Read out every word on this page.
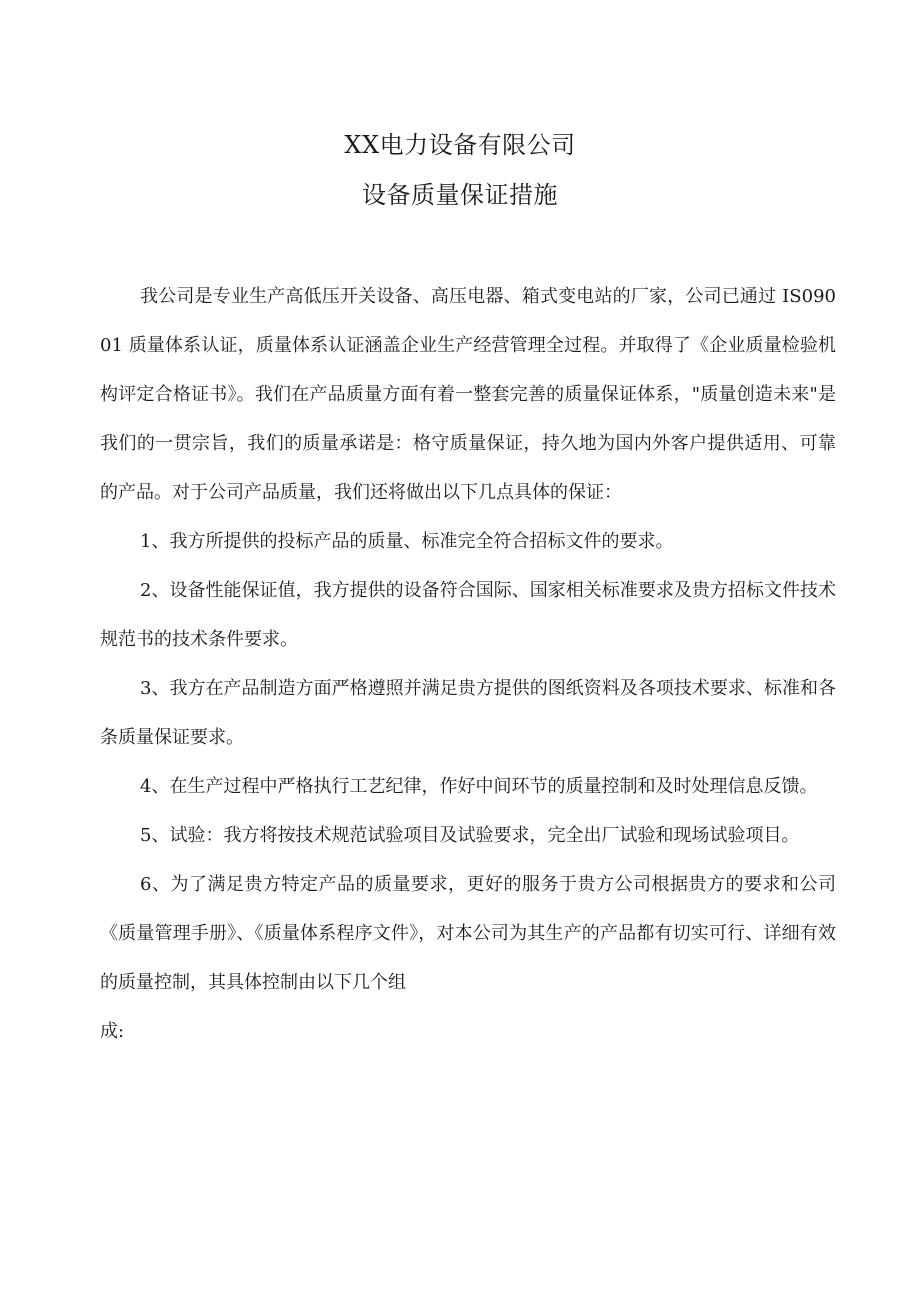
XX电力设备有限公司
设备质量保证措施

我公司是专业生产高低压开关设备、高压电器、箱式变电站的厂家，公司已通过 IS09001 质量体系认证，质量体系认证涵盖企业生产经营管理全过程。并取得了《企业质量检验机构评定合格证书》。我们在产品质量方面有着一整套完善的质量保证体系，"质量创造未来"是我们的一贯宗旨，我们的质量承诺是：格守质量保证，持久地为国内外客户提供适用、可靠的产品。对于公司产品质量，我们还将做出以下几点具体的保证：

1、我方所提供的投标产品的质量、标准完全符合招标文件的要求。

2、设备性能保证值，我方提供的设备符合国际、国家相关标准要求及贵方招标文件技术规范书的技术条件要求。

3、我方在产品制造方面严格遵照并满足贵方提供的图纸资料及各项技术要求、标准和各条质量保证要求。

4、在生产过程中严格执行工艺纪律，作好中间环节的质量控制和及时处理信息反馈。

5、试验：我方将按技术规范试验项目及试验要求，完全出厂试验和现场试验项目。

6、为了满足贵方特定产品的质量要求，更好的服务于贵方公司根据贵方的要求和公司《质量管理手册》、《质量体系程序文件》，对本公司为其生产的产品都有切实可行、详细有效的质量控制，其具体控制由以下几个组

成:
